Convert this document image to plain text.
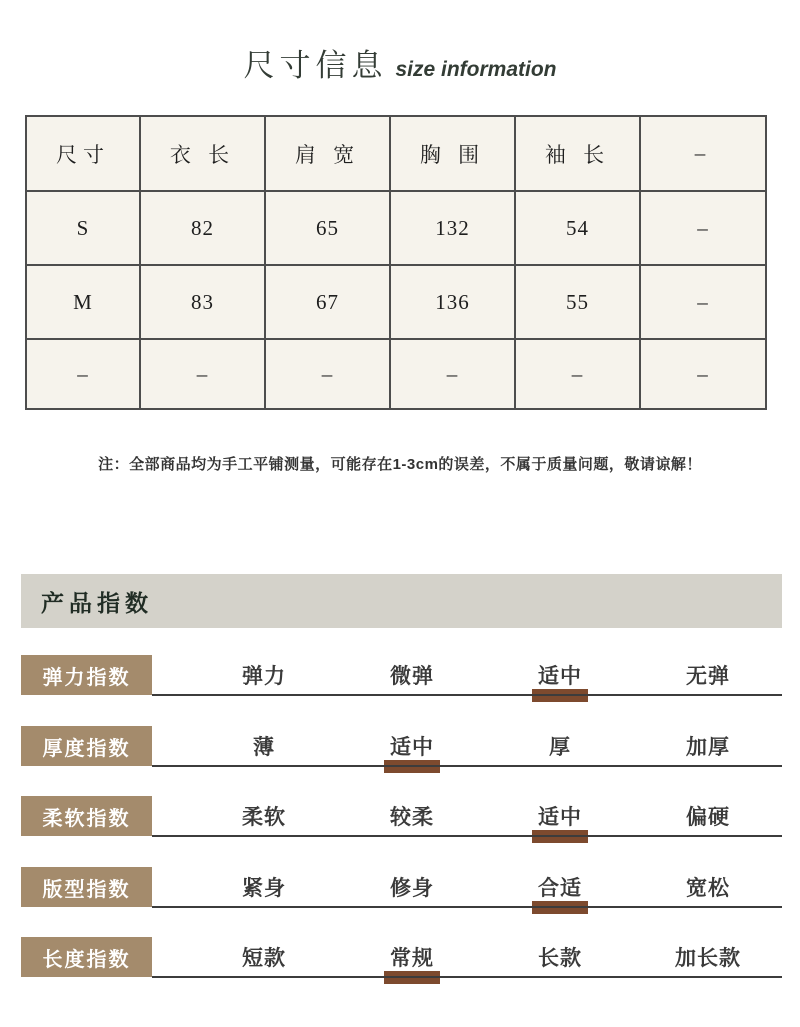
尺寸信息 size information
尺寸	衣 长	肩 宽	胸 围	袖 长	–
S	82	65	132	54	–
M	83	67	136	55	–
–	–	–	–	–	–
注：全部商品均为手工平铺测量，可能存在1-3cm的误差，不属于质量问题，敬请谅解！
产品指数
弹力指数	弹力	微弹	适中	无弹
厚度指数	薄	适中	厚	加厚
柔软指数	柔软	较柔	适中	偏硬
版型指数	紧身	修身	合适	宽松
长度指数	短款	常规	长款	加长款
